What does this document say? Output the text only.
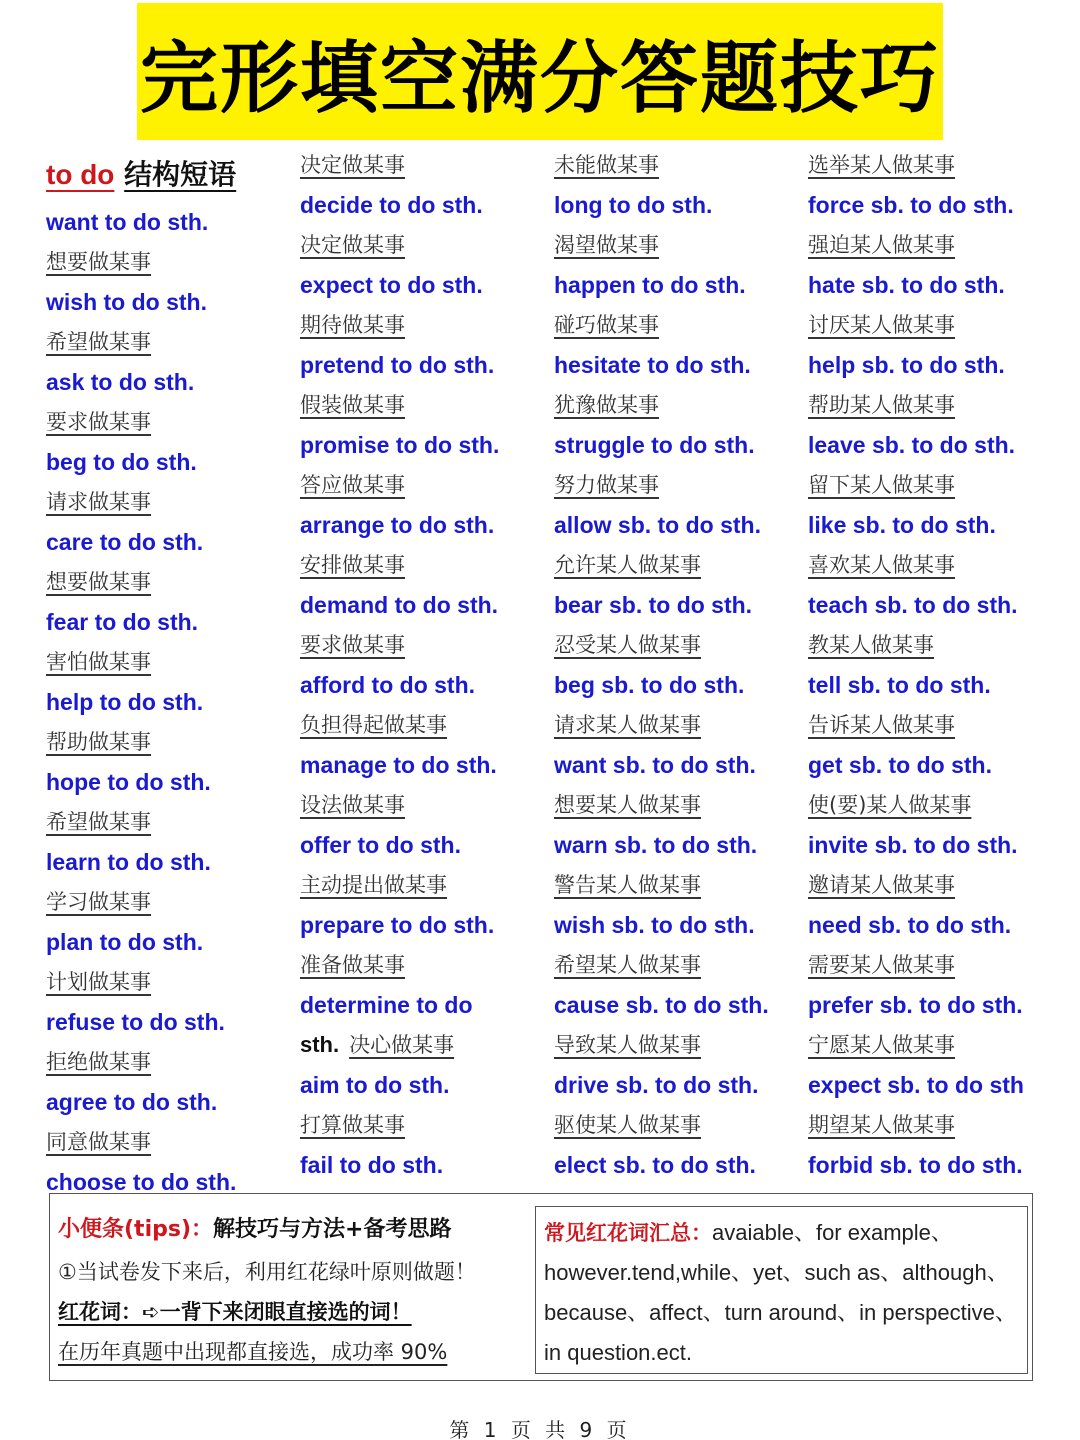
完形填空满分答题技巧
to do 结构短语
want to do sth.
想要做某事
wish to do sth.
希望做某事
ask to do sth.
要求做某事
beg to do sth.
请求做某事
care to do sth.
想要做某事
fear to do sth.
害怕做某事
help to do sth.
帮助做某事
hope to do sth.
希望做某事
learn to do sth.
学习做某事
plan to do sth.
计划做某事
refuse to do sth.
拒绝做某事
agree to do sth.
同意做某事
choose to do sth.
决定做某事
decide to do sth.
决定做某事
expect to do sth.
期待做某事
pretend to do sth.
假装做某事
promise to do sth.
答应做某事
arrange to do sth.
安排做某事
demand to do sth.
要求做某事
afford to do sth.
负担得起做某事
manage to do sth.
设法做某事
offer to do sth.
主动提出做某事
prepare to do sth.
准备做某事
determine to do
sth. 决心做某事
aim to do sth.
打算做某事
fail to do sth.
未能做某事
long to do sth.
渴望做某事
happen to do sth.
碰巧做某事
hesitate to do sth.
犹豫做某事
struggle to do sth.
努力做某事
allow sb. to do sth.
允许某人做某事
bear sb. to do sth.
忍受某人做某事
beg sb. to do sth.
请求某人做某事
want sb. to do sth.
想要某人做某事
warn sb. to do sth.
警告某人做某事
wish sb. to do sth.
希望某人做某事
cause sb. to do sth.
导致某人做某事
drive sb. to do sth.
驱使某人做某事
elect sb. to do sth.
选举某人做某事
force sb. to do sth.
强迫某人做某事
hate sb. to do sth.
讨厌某人做某事
help sb. to do sth.
帮助某人做某事
leave sb. to do sth.
留下某人做某事
like sb. to do sth.
喜欢某人做某事
teach sb. to do sth.
教某人做某事
tell sb. to do sth.
告诉某人做某事
get sb. to do sth.
使(要)某人做某事
invite sb. to do sth.
邀请某人做某事
need sb. to do sth.
需要某人做某事
prefer sb. to do sth.
宁愿某人做某事
expect sb. to do sth
期望某人做某事
forbid sb. to do sth.
小便条(tips)：解技巧与方法+备考思路
①当试卷发下来后，利用红花绿叶原则做题！
红花词：➪一背下来闭眼直接选的词！
在历年真题中出现都直接选，成功率 90%
常见红花词汇总：avaiable、for example、however.tend,while、yet、such as、although、because、affect、turn around、in perspective、in question.ect.
第 1 页 共 9 页
